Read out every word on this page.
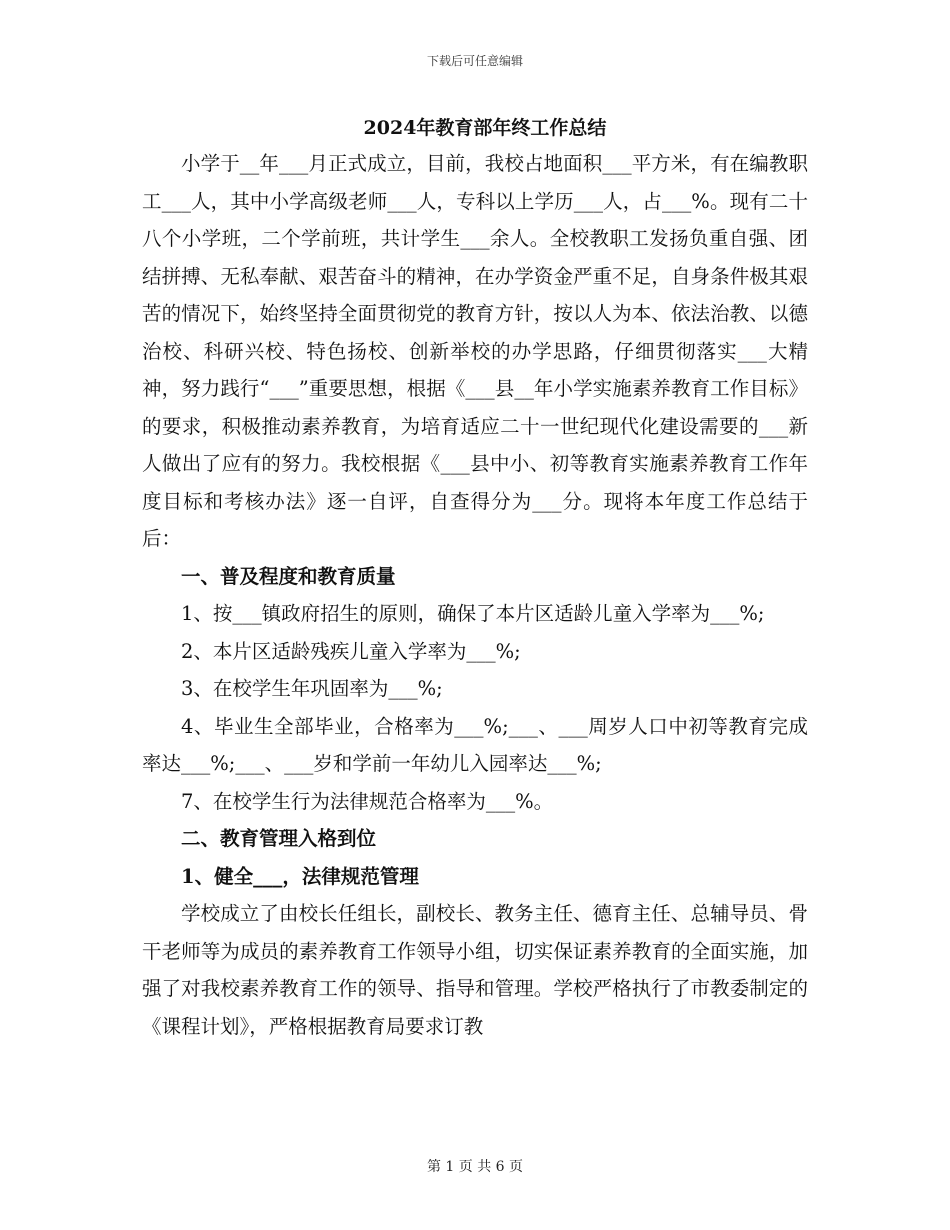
下载后可任意编辑
2024年教育部年终工作总结

小学于__年___月正式成立，目前，我校占地面积___平方米，有在编教职工___人，其中小学高级老师___人，专科以上学历___人，占___%。现有二十八个小学班，二个学前班，共计学生___余人。全校教职工发扬负重自强、团结拼搏、无私奉献、艰苦奋斗的精神，在办学资金严重不足，自身条件极其艰苦的情况下，始终坚持全面贯彻党的教育方针，按以人为本、依法治教、以德治校、科研兴校、特色扬校、创新举校的办学思路，仔细贯彻落实___大精神，努力践行“___”重要思想，根据《___县__年小学实施素养教育工作目标》的要求，积极推动素养教育，为培育适应二十一世纪现代化建设需要的___新人做出了应有的努力。我校根据《___县中小、初等教育实施素养教育工作年度目标和考核办法》逐一自评，自查得分为___分。现将本年度工作总结于后：

一、普及程度和教育质量

1、按___镇政府招生的原则，确保了本片区适龄儿童入学率为___%;

2、本片区适龄残疾儿童入学率为___%;

3、在校学生年巩固率为___%;

4、毕业生全部毕业，合格率为___%;___、___周岁人口中初等教育完成率达___%;___、___岁和学前一年幼儿入园率达___%;

7、在校学生行为法律规范合格率为___%。

二、教育管理入格到位

1、健全___，法律规范管理

学校成立了由校长任组长，副校长、教务主任、德育主任、总辅导员、骨干老师等为成员的素养教育工作领导小组，切实保证素养教育的全面实施，加强了对我校素养教育工作的领导、指导和管理。学校严格执行了市教委制定的《课程计划》，严格根据教育局要求订教

第 1 页 共 6 页
